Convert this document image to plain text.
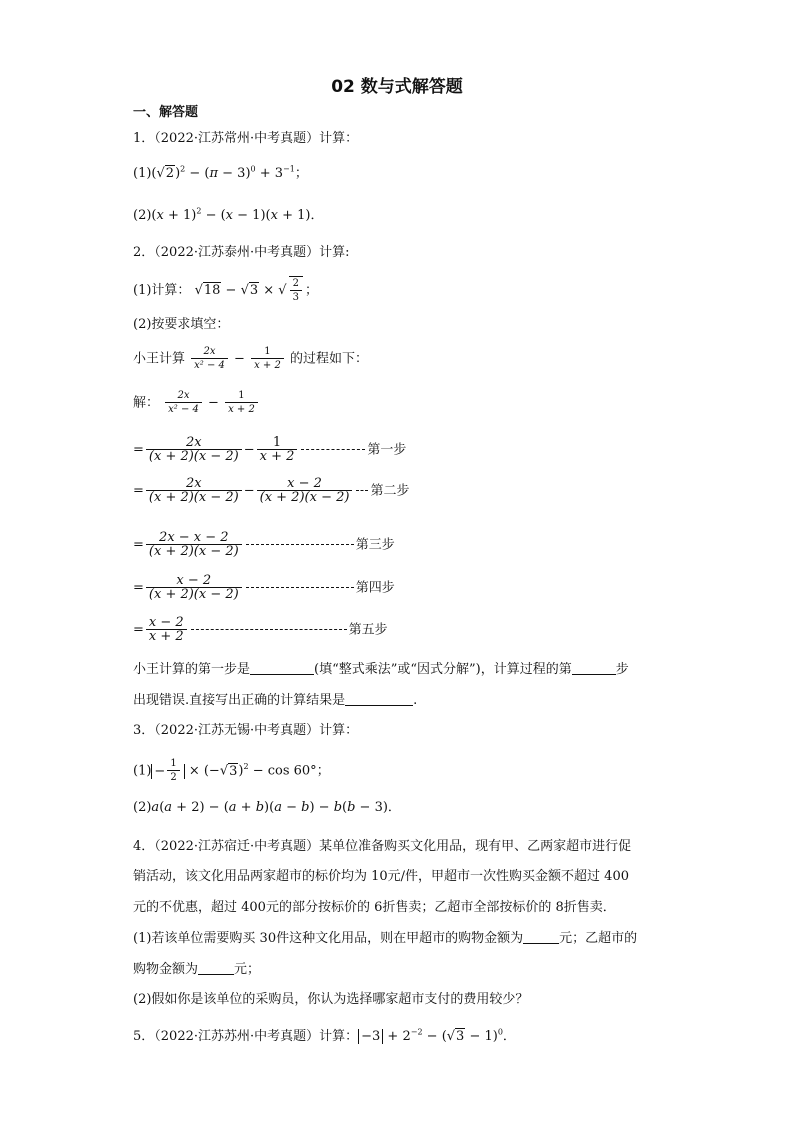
02 数与式解答题
一、解答题
1．（2022·江苏常州·中考真题）计算：
$(1)(√2)^2 - (\pi - 3)^0 + 3^{-1}$；
$(2)(x + 1)^2 - (x - 1)(x + 1)$．
2．（2022·江苏泰州·中考真题）计算:
(1)计算： √18 − √3 × √ $\frac{2}{3}$ ；
(2)按要求填空：
小王计算 $\frac{2x}{\text{x² − 4}} - \frac{1}{x + 2}$ 的过程如下：
解： $\frac{2x}{\text{x² − 4}} - \frac{1}{x + 2}$
= $\frac{2x}{(x + 2)(x - 2)} - \frac{1}{x + 2}$	第一步
= $\frac{2x}{(x + 2)(x - 2)} - \frac{x - 2}{(x + 2)(x - 2)}$ 第二步
= $\frac{2x - x - 2}{(x + 2)(x - 2)}$	第三步
= $\frac{x - 2}{(x + 2)(x - 2)}$	第四步
= $\frac{x - 2}{x + 2}$	第五步
小王计算的第一步是	(填“整式乘法”或“因式分解”)，计算过程的第	步
出现错误.直接写出正确的计算结果是	.
3．（2022·江苏无锡·中考真题）计算：
$(1) - \frac{1}{2} \times (-√3)^2 - \cos 60^\circ$；
(2)a(a + 2) − (a + b)(a − b) − b(b − 3)．
4．（2022·江苏宿迁·中考真题）某单位准备购买文化用品，现有甲、乙两家超市进行促
销活动，该文化用品两家超市的标价均为 10元/件，甲超市一次性购买金额不超过 400
元的不优惠，超过 400元的部分按标价的 6折售卖；乙超市全部按标价的 8折售卖．
(1)若该单位需要购买 30件这种文化用品，则在甲超市的购物金额为	元；乙超市的
购物金额为	元；
(2)假如你是该单位的采购员，你认为选择哪家超市支付的费用较少？
5．（2022·江苏苏州·中考真题）计算： $-3 + 2^{-2} - (√3 - 1)^0$．
